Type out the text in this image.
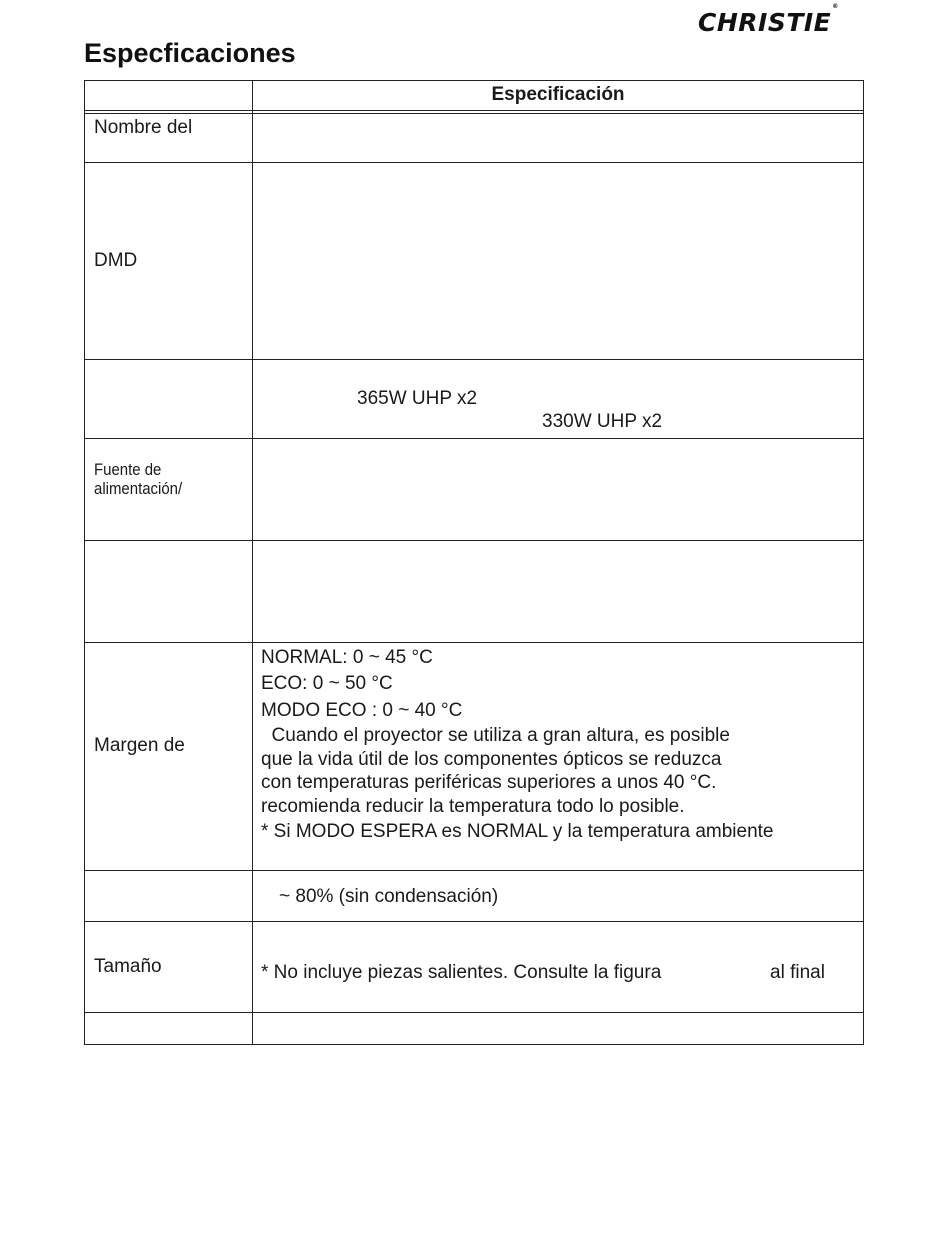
CHRISTIE®
Especficaciones
Especificación
Nombre del
DMD
365W UHP x2
330W UHP x2
Fuente de
alimentación/
Margen de
NORMAL: 0 ~ 45 °C
ECO: 0 ~ 50 °C
MODO ECO : 0 ~ 40 °C
Cuando el proyector se utiliza a gran altura, es posible
que la vida útil de los componentes ópticos se reduzca
con temperaturas periféricas superiores a unos 40 °C.
recomienda reducir la temperatura todo lo posible.
* Si MODO ESPERA es NORMAL y la temperatura ambiente
~ 80% (sin condensación)
Tamaño	* No incluye piezas salientes. Consulte la figura	al final
